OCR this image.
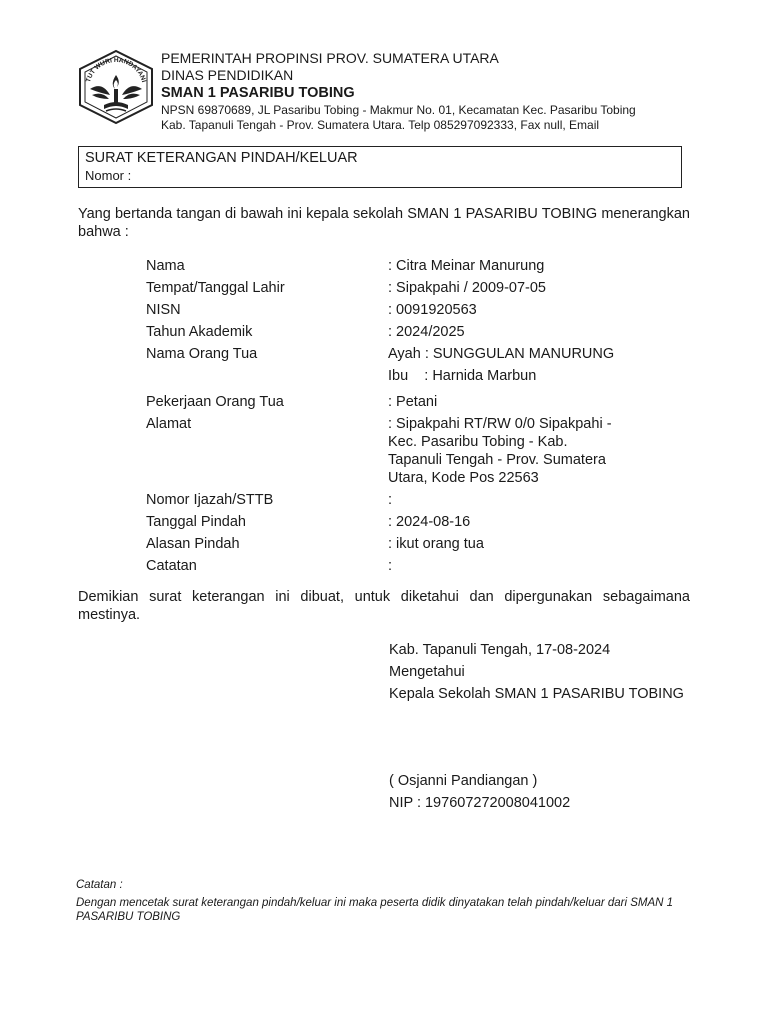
TUT WURI HANDAYANI
PEMERINTAH PROPINSI PROV. SUMATERA UTARA
DINAS PENDIDIKAN
SMAN 1 PASARIBU TOBING
NPSN 69870689, JL Pasaribu Tobing - Makmur No. 01, Kecamatan Kec. Pasaribu Tobing
Kab. Tapanuli Tengah - Prov. Sumatera Utara. Telp 085297092333, Fax null, Email
SURAT KETERANGAN PINDAH/KELUAR
Nomor :
Yang bertanda tangan di bawah ini kepala sekolah SMAN 1 PASARIBU TOBING menerangkan bahwa :
Nama	: Citra Meinar Manurung
Tempat/Tanggal Lahir	: Sipakpahi / 2009-07-05
NISN	: 0091920563
Tahun Akademik	: 2024/2025
Nama Orang Tua	Ayah : SUNGGULAN MANURUNG
Ibu    : Harnida Marbun
Pekerjaan Orang Tua	: Petani
Alamat	: Sipakpahi RT/RW 0/0 Sipakpahi - Kec. Pasaribu Tobing - Kab. Tapanuli Tengah - Prov. Sumatera Utara, Kode Pos 22563
Nomor Ijazah/STTB	:
Tanggal Pindah	: 2024-08-16
Alasan Pindah	: ikut orang tua
Catatan	:
Demikian surat keterangan ini dibuat, untuk diketahui dan dipergunakan sebagaimana mestinya.
Kab. Tapanuli Tengah, 17-08-2024
Mengetahui
Kepala Sekolah SMAN 1 PASARIBU TOBING
( Osjanni Pandiangan )
NIP : 197607272008041002
Catatan :
Dengan mencetak surat keterangan pindah/keluar ini maka peserta didik dinyatakan telah pindah/keluar dari SMAN 1 PASARIBU TOBING
